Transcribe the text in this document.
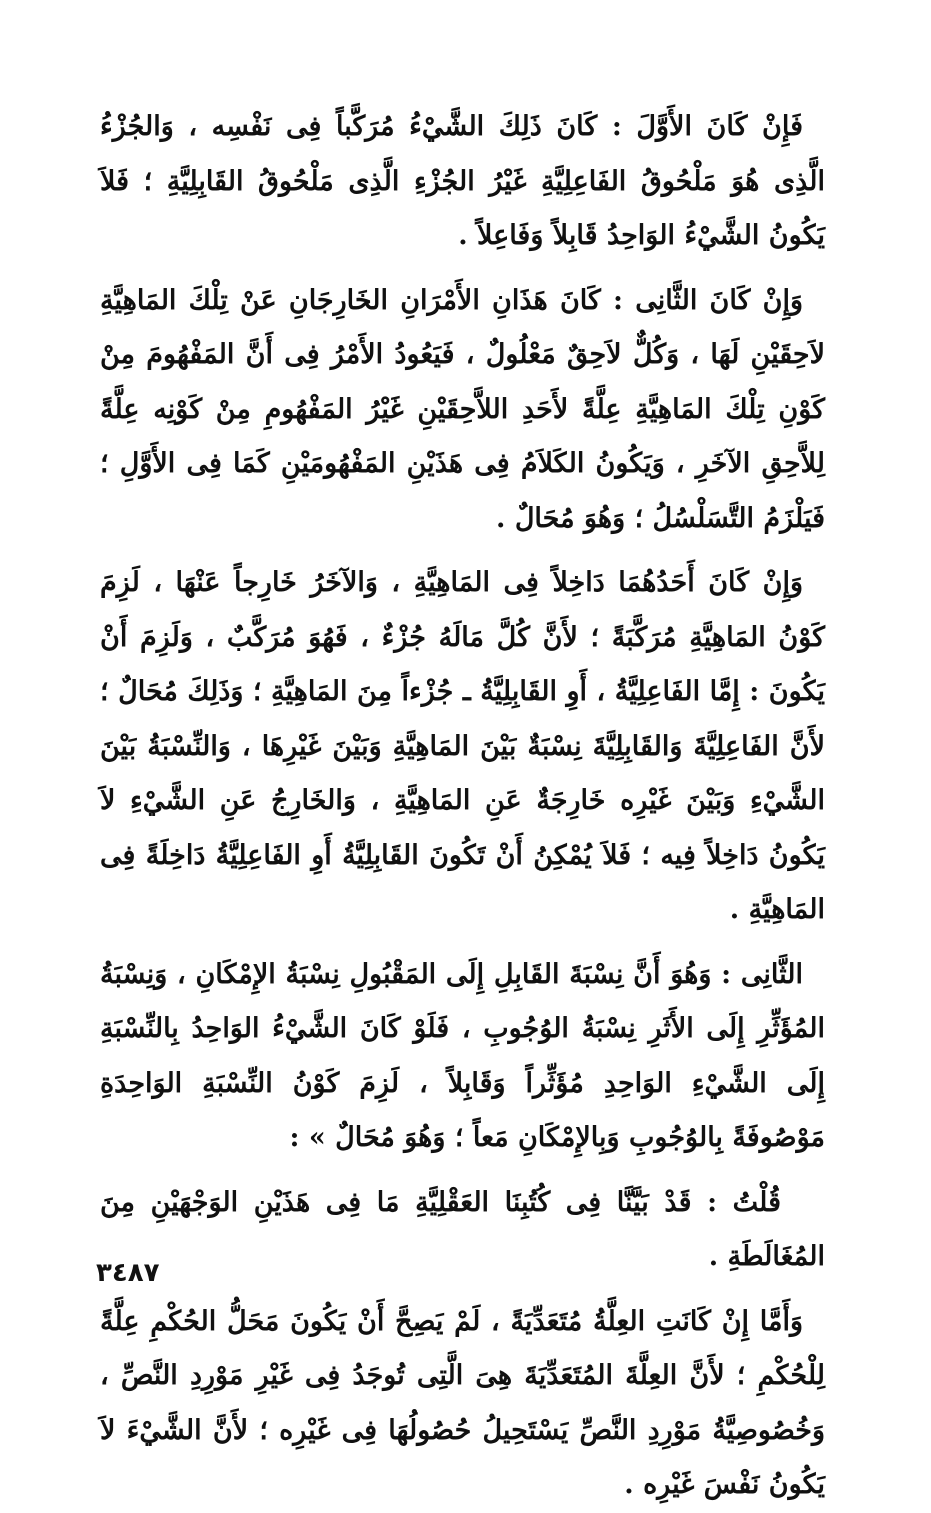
فَإِنْ كَانَ الأَوَّلَ : كَانَ ذَلِكَ الشَّيْءُ مُرَكَّباً فِى نَفْسِه ، وَالجُزْءُ الَّذِى هُوَ مَلْحُوقُ الفَاعِلِيَّةِ غَيْرُ الجُزْءِ الَّذِى مَلْحُوقُ القَابِلِيَّةِ ؛ فَلاَ يَكُونُ الشَّيْءُ الوَاحِدُ قَابِلاً وَفَاعِلاً .

وَإِنْ كَانَ الثَّانِى : كَانَ هَذَانِ الأَمْرَانِ الخَارِجَانِ عَنْ تِلْكَ المَاهِيَّةِ لاَحِقَيْنِ لَهَا ، وَكُلٌّ لاَحِقٌ مَعْلُولٌ ، فَيَعُودُ الأَمْرُ فِى أَنَّ المَفْهُومَ مِنْ كَوْنِ تِلْكَ المَاهِيَّةِ عِلَّةً لأَحَدِ اللاَّحِقَيْنِ غَيْرُ المَفْهُومِ مِنْ كَوْنِه عِلَّةً لِلاَّحِقِ الآخَرِ ، وَيَكُونُ الكَلاَمُ فِى هَذَيْنِ المَفْهُومَيْنِ كَمَا فِى الأَوَّلِ ؛ فَيَلْزَمُ التَّسَلْسُلُ ؛ وَهُوَ مُحَالٌ .

وَإِنْ كَانَ أَحَدُهُمَا دَاخِلاً فِى المَاهِيَّةِ ، وَالآخَرُ خَارِجاً عَنْهَا ، لَزِمَ كَوْنُ المَاهِيَّةِ مُرَكَّبَةً ؛ لأَنَّ كُلَّ مَالَهُ جُزْءٌ ، فَهُوَ مُرَكَّبٌ ، وَلَزِمَ أَنْ يَكُونَ : إِمَّا الفَاعِلِيَّةُ ، أَوِ القَابِلِيَّةُ ـ جُزْءاً مِنَ المَاهِيَّةِ ؛ وَذَلِكَ مُحَالٌ ؛ لأَنَّ الفَاعِلِيَّةَ وَالقَابِلِيَّةَ نِسْبَةٌ بَيْنَ المَاهِيَّةِ وَبَيْنَ غَيْرِهَا ، وَالنِّسْبَةُ بَيْنَ الشَّيْءِ وَبَيْنَ غَيْرِه خَارِجَةٌ عَنِ المَاهِيَّةِ ، وَالخَارِجُ عَنِ الشَّيْءِ لاَ يَكُونُ دَاخِلاً فِيه ؛ فَلاَ يُمْكِنُ أَنْ تَكُونَ القَابِلِيَّةُ أَوِ الفَاعِلِيَّةُ دَاخِلَةً فِى المَاهِيَّةِ .

الثَّانِى : وَهُوَ أَنَّ نِسْبَةَ القَابِلِ إِلَى المَقْبُولِ نِسْبَةُ الإِمْكَانِ ، وَنِسْبَةُ المُؤَثِّرِ إِلَى الأَثَرِ نِسْبَةُ الوُجُوبِ ، فَلَوْ كَانَ الشَّيْءُ الوَاحِدُ بِالنِّسْبَةِ إِلَى الشَّيْءِ الوَاحِدِ مُؤَثِّراً وَقَابِلاً ، لَزِمَ كَوْنُ النِّسْبَةِ الوَاحِدَةِ مَوْصُوفَةً بِالوُجُوبِ وَبِالإِمْكَانِ مَعاً ؛ وَهُوَ مُحَالٌ » :

قُلْتُ : قَدْ بَيَّنَّا فِى كُتُبِنَا العَقْلِيَّةِ مَا فِى هَذَيْنِ الوَجْهَيْنِ مِنَ المُغَالَطَةِ .

وَأَمَّا إِنْ كَانَتِ العِلَّةُ مُتَعَدِّيَةً ، لَمْ يَصِحَّ أَنْ يَكُونَ مَحَلُّ الحُكْمِ عِلَّةً لِلْحُكْمِ ؛ لأَنَّ العِلَّةَ المُتَعَدِّيَةَ هِىَ الَّتِى تُوجَدُ فِى غَيْرِ مَوْرِدِ النَّصِّ ، وَخُصُوصِيَّةُ مَوْرِدِ النَّصِّ يَسْتَحِيلُ حُصُولُهَا فِى غَيْرِه ؛ لأَنَّ الشَّيْءَ لاَ يَكُونُ نَفْسَ غَيْرِه .

٣٤٨٧
